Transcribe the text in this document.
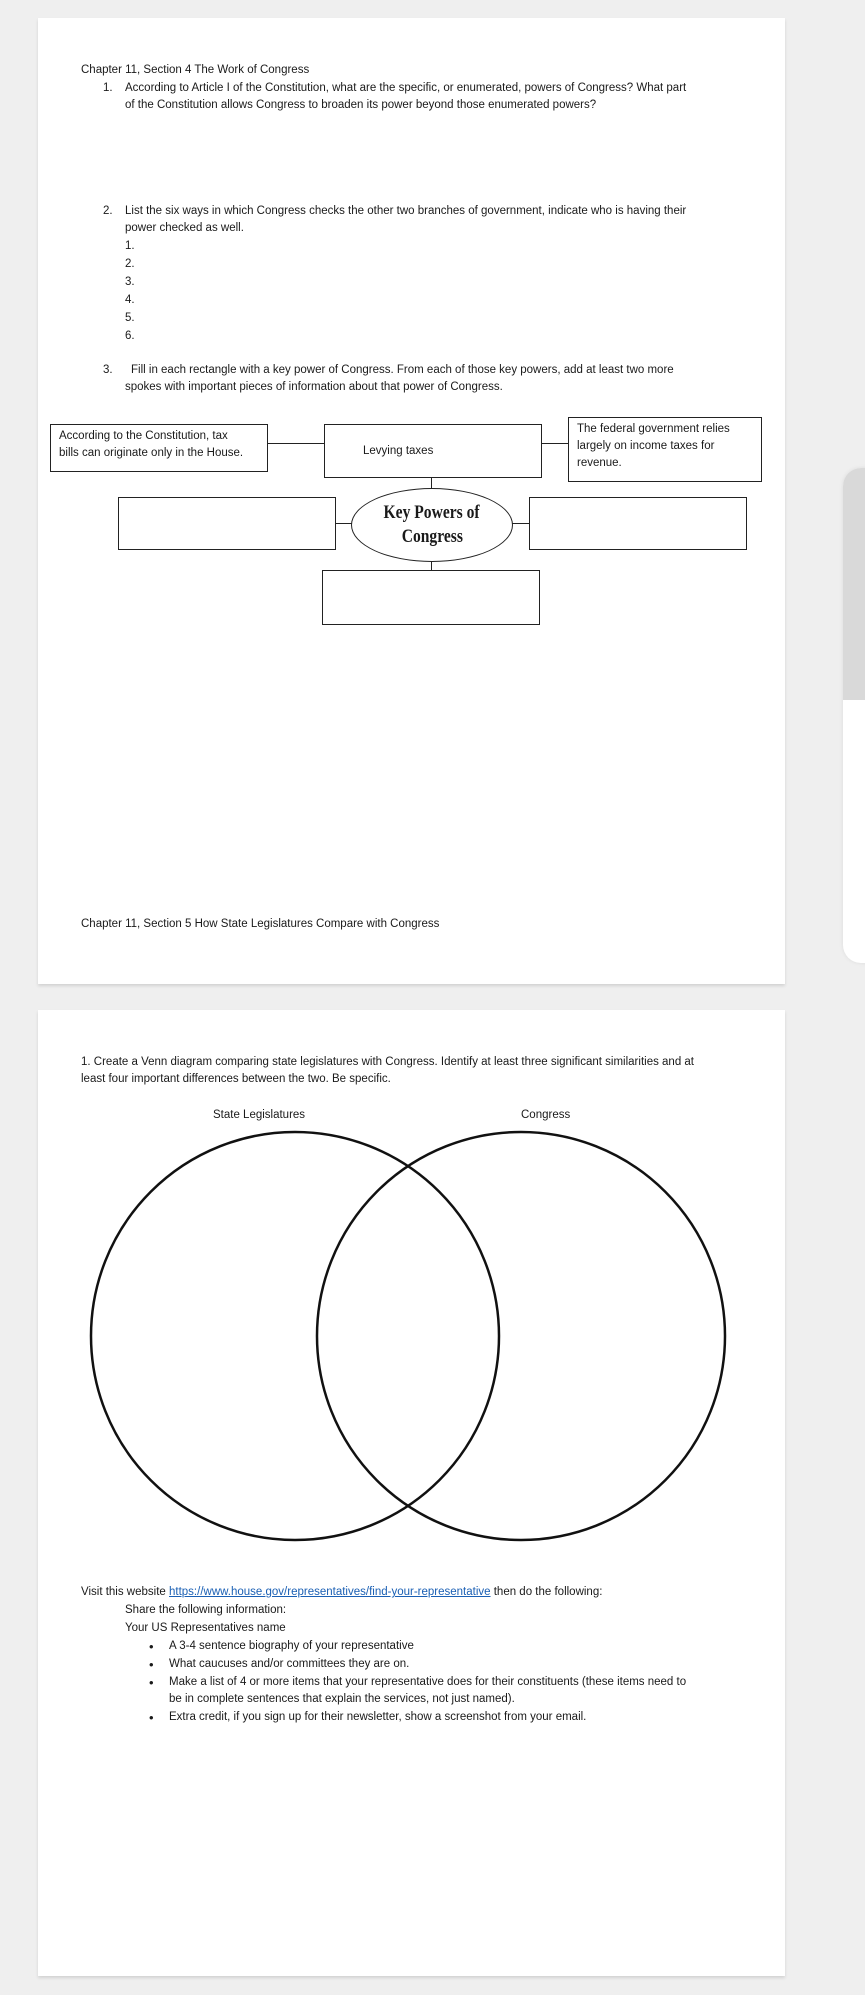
Chapter 11, Section 4 The Work of Congress
1. According to Article I of the Constitution, what are the specific, or enumerated, powers of Congress? What part
of the Constitution allows Congress to broaden its power beyond those enumerated powers?
2. List the six ways in which Congress checks the other two branches of government, indicate who is having their
power checked as well.
1.
2.
3.
4.
5.
6.
3. Fill in each rectangle with a key power of Congress. From each of those key powers, add at least two more
spokes with important pieces of information about that power of Congress.
According to the Constitution, tax
bills can originate only in the House.	Levying taxes
The federal government relies
largely on income taxes for
revenue.
Key Powers of
Congress
Chapter 11, Section 5 How State Legislatures Compare with Congress
1. Create a Venn diagram comparing state legislatures with Congress. Identify at least three significant similarities and at
least four important differences between the two. Be specific.
State Legislatures	Congress
Visit this website https://www.house.gov/representatives/find-your-representative then do the following:
Share the following information:
Your US Representatives name
• A 3-4 sentence biography of your representative
• What caucuses and/or committees they are on.
• Make a list of 4 or more items that your representative does for their constituents (these items need to
be in complete sentences that explain the services, not just named).
• Extra credit, if you sign up for their newsletter, show a screenshot from your email.
